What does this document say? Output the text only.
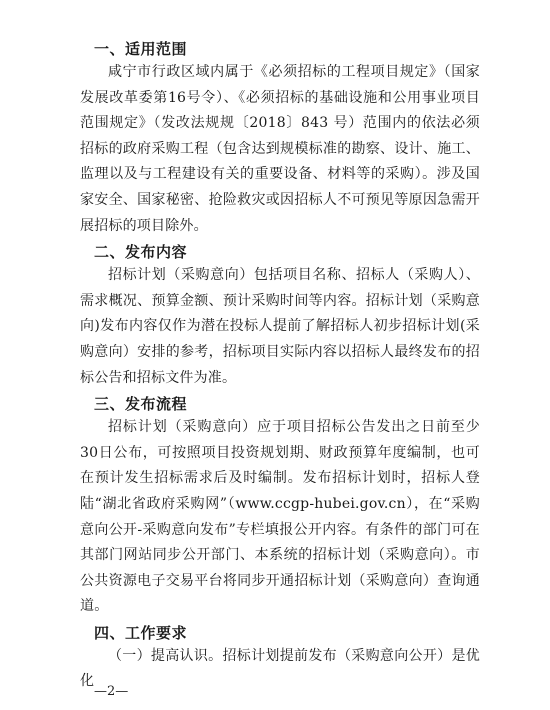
一、适用范围

咸宁市行政区域内属于《必须招标的工程项目规定》（国家发展改革委第16号令）、《必须招标的基础设施和公用事业项目范围规定》（发改法规规〔2018〕843 号）范围内的依法必须招标的政府采购工程（包含达到规模标准的勘察、设计、施工、监理以及与工程建设有关的重要设备、材料等的采购）。涉及国家安全、国家秘密、抢险救灾或因招标人不可预见等原因急需开展招标的项目除外。

二、发布内容

招标计划（采购意向）包括项目名称、招标人（采购人）、需求概况、预算金额、预计采购时间等内容。招标计划（采购意向)发布内容仅作为潜在投标人提前了解招标人初步招标计划(采购意向）安排的参考，招标项目实际内容以招标人最终发布的招标公告和招标文件为准。

三、发布流程

招标计划（采购意向）应于项目招标公告发出之日前至少 30日公布，可按照项目投资规划期、财政预算年度编制，也可在预计发生招标需求后及时编制。发布招标计划时，招标人登陆“湖北省政府采购网”（www.ccgp-hubei.gov.cn），在“采购意向公开-采购意向发布”专栏填报公开内容。有条件的部门可在其部门网站同步公开部门、本系统的招标计划（采购意向）。市公共资源电子交易平台将同步开通招标计划（采购意向）查询通道。

四、工作要求

（一）提高认识。招标计划提前发布（采购意向公开）是优化

—2—
